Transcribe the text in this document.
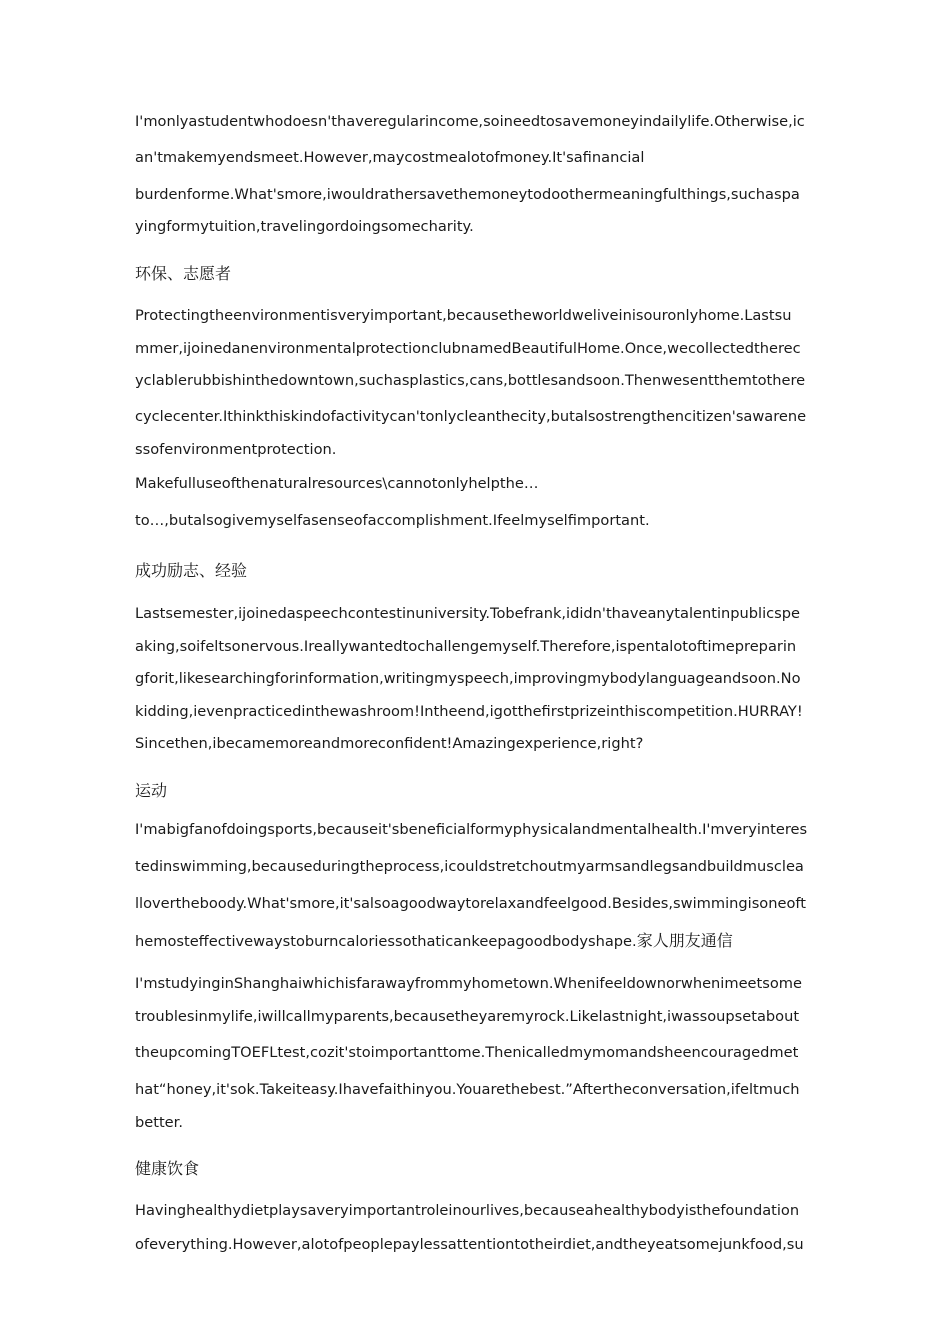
I'monlyastudentwhodoesn'thaveregularincome,soineedtosavemoneyindailylife.Otherwise,ic
an'tmakemyendsmeet.However,maycostmealotofmoney.It'safinancial
burdenforme.What'smore,iwouldrathersavethemoneytodoothermeaningfulthings,suchaspa
yingformytuition,travelingordoingsomecharity.
环保、志愿者
Protectingtheenvironmentisveryimportant,becausetheworldweliveinisouronlyhome.Lastsu
mmer,ijoinedanenvironmentalprotectionclubnamedBeautifulHome.Once,wecollectedtherec
yclablerubbishinthedowntown,suchasplastics,cans,bottlesandsoon.Thenwesentthemtothere
cyclecenter.Ithinkthiskindofactivitycan'tonlycleanthecity,butalsostrengthencitizen'sawarene
ssofenvironmentprotection.
Makefulluseofthenaturalresources\cannotonlyhelpthe…
to…,butalsogivemyselfasenseofaccomplishment.Ifeelmyselfimportant.
成功励志、经验
Lastsemester,ijoinedaspeechcontestinuniversity.Tobefrank,ididn'thaveanytalentinpublicspe
aking,soifeltsonervous.Ireallywantedtochallengemyself.Therefore,ispentalotoftimepreparin
gforit,likesearchingforinformation,writingmyspeech,improvingmybodylanguageandsoon.No
kidding,ievenpracticedinthewashroom!Intheend,igotthefirstprizeinthiscompetition.HURRAY!
Sincethen,ibecamemoreandmoreconfident!Amazingexperience,right?
运动
I'mabigfanofdoingsports,becauseit'sbeneficialformyphysicalandmentalhealth.I'mveryinteres
tedinswimming,becauseduringtheprocess,icouldstretchoutmyarmsandlegsandbuildmusclea
llovertheboody.What'smore,it'salsoagoodwaytorelaxandfeelgood.Besides,swimmingisoneoft
hemosteffectivewaystoburncaloriessothaticankeepagoodbodyshape.家人朋友通信
I'mstudyinginShanghaiwhichisfarawayfrommyhometown.Whenifeeldownorwhenimeetsome
troublesinmylife,iwillcallmyparents,becausetheyaremyrock.Likelastnight,iwassoupsetabout
theupcomingTOEFLtest,cozit'stoimportanttome.Thenicalledmymomandsheencouragedmet
hat“honey,it'sok.Takeiteasy.Ihavefaithinyou.Youarethebest.”Aftertheconversation,ifeltmuch
better.
健康饮食
Havinghealthydietplaysaveryimportantroleinourlives,becauseahealthybodyisthefoundation
ofeverything.However,alotofpeoplepaylessattentiontotheirdiet,andtheyeatsomejunkfood,su
